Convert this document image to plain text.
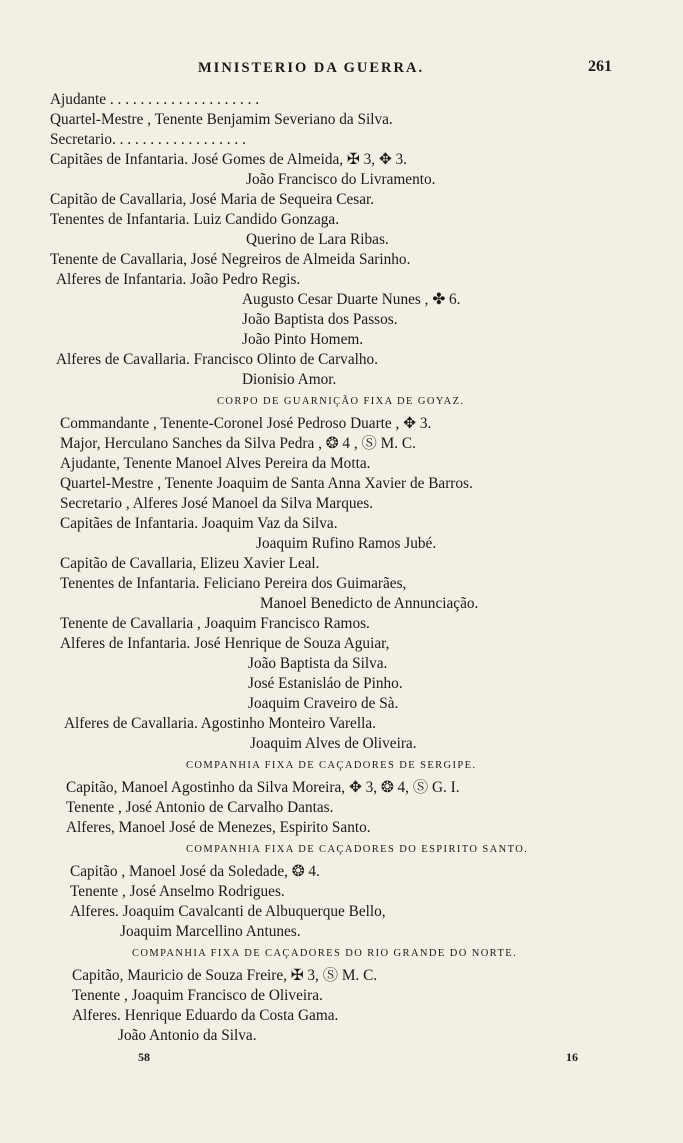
MINISTERIO DA GUERRA.	261
Ajudante . . . . . . . . . . . . . . . . . . . .
Quartel-Mestre , Tenente Benjamim Severiano da Silva.
Secretario. . . . . . . . . . . . . . . . . .
Capitães de Infantaria. José Gomes de Almeida, ✠ 3, ✥ 3.
João Francisco do Livramento.
Capitão de Cavallaria, José Maria de Sequeira Cesar.
Tenentes de Infantaria. Luiz Candido Gonzaga.
Querino de Lara Ribas.
Tenente de Cavallaria, José Negreiros de Almeida Sarinho.
Alferes de Infantaria. João Pedro Regis.
Augusto Cesar Duarte Nunes , ✤ 6.
João Baptista dos Passos.
João Pinto Homem.
Alferes de Cavallaria. Francisco Olinto de Carvalho.
Dionisio Amor.
CORPO DE GUARNIÇÃO FIXA DE GOYAZ.
Commandante , Tenente-Coronel José Pedroso Duarte , ✥ 3.
Major, Herculano Sanches da Silva Pedra , ❂ 4 , Ⓢ M. C.
Ajudante, Tenente Manoel Alves Pereira da Motta.
Quartel-Mestre , Tenente Joaquim de Santa Anna Xavier de Barros.
Secretario , Alferes José Manoel da Silva Marques.
Capitães de Infantaria. Joaquim Vaz da Silva.
Joaquim Rufino Ramos Jubé.
Capitão de Cavallaria, Elizeu Xavier Leal.
Tenentes de Infantaria. Feliciano Pereira dos Guimarães,
Manoel Benedicto de Annunciação.
Tenente de Cavallaria , Joaquim Francisco Ramos.
Alferes de Infantaria. José Henrique de Souza Aguiar,
João Baptista da Silva.
José Estanisláo de Pinho.
Joaquim Craveiro de Sà.
Alferes de Cavallaria. Agostinho Monteiro Varella.
Joaquim Alves de Oliveira.
COMPANHIA FIXA DE CAÇADORES DE SERGIPE.
Capitão, Manoel Agostinho da Silva Moreira, ✥ 3, ❂ 4, Ⓢ G. I.
Tenente , José Antonio de Carvalho Dantas.
Alferes, Manoel José de Menezes, Espirito Santo.
COMPANHIA FIXA DE CAÇADORES DO ESPIRITO SANTO.
Capitão , Manoel José da Soledade, ❂ 4.
Tenente , José Anselmo Rodrigues.
Alferes. Joaquim Cavalcanti de Albuquerque Bello,
Joaquim Marcellino Antunes.
COMPANHIA FIXA DE CAÇADORES DO RIO GRANDE DO NORTE.
Capitão, Mauricio de Souza Freire, ✠ 3, Ⓢ M. C.
Tenente , Joaquim Francisco de Oliveira.
Alferes. Henrique Eduardo da Costa Gama.
João Antonio da Silva.
58	16
